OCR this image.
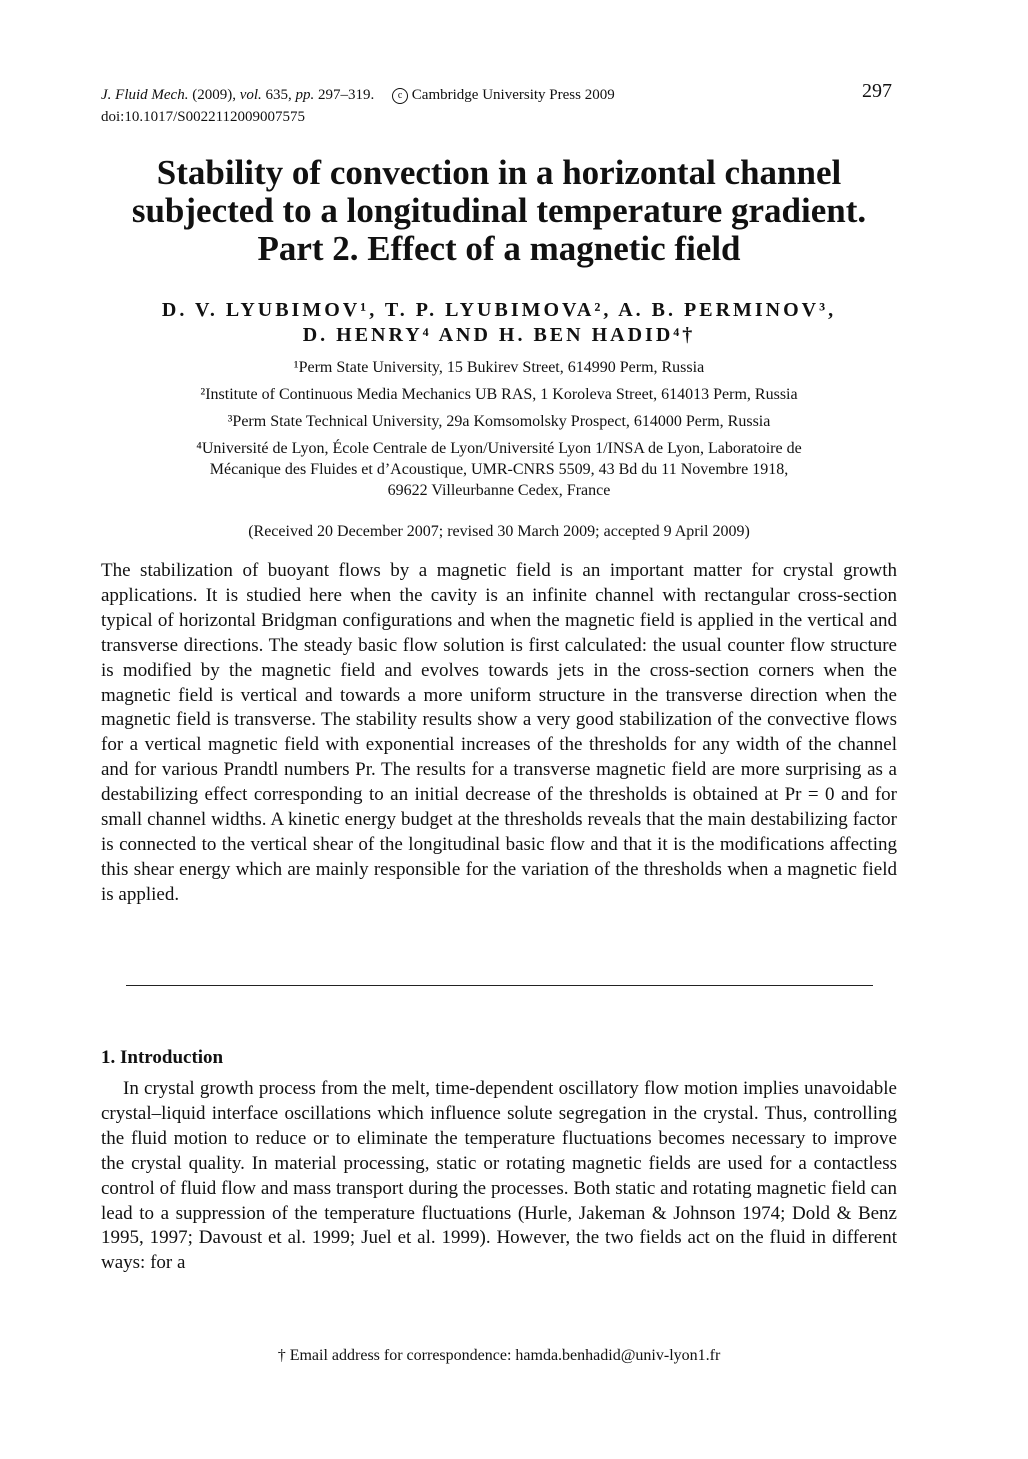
J. Fluid Mech. (2009), vol. 635, pp. 297–319. c Cambridge University Press 2009
doi:10.1017/S0022112009007575
297
Stability of convection in a horizontal channel
subjected to a longitudinal temperature gradient.
Part 2. Effect of a magnetic field
D. V. LYUBIMOV¹, T. P. LYUBIMOVA², A. B. PERMINOV³,
D. HENRY⁴ AND H. BEN HADID⁴†
¹Perm State University, 15 Bukirev Street, 614990 Perm, Russia
²Institute of Continuous Media Mechanics UB RAS, 1 Koroleva Street, 614013 Perm, Russia
³Perm State Technical University, 29a Komsomolsky Prospect, 614000 Perm, Russia
⁴Université de Lyon, École Centrale de Lyon/Université Lyon 1/INSA de Lyon, Laboratoire de
Mécanique des Fluides et d’Acoustique, UMR-CNRS 5509, 43 Bd du 11 Novembre 1918,
69622 Villeurbanne Cedex, France
(Received 20 December 2007; revised 30 March 2009; accepted 9 April 2009)
The stabilization of buoyant flows by a magnetic field is an important matter for crystal growth applications. It is studied here when the cavity is an infinite channel with rectangular cross-section typical of horizontal Bridgman configurations and when the magnetic field is applied in the vertical and transverse directions. The steady basic flow solution is first calculated: the usual counter flow structure is modified by the magnetic field and evolves towards jets in the cross-section corners when the magnetic field is vertical and towards a more uniform structure in the transverse direction when the magnetic field is transverse. The stability results show a very good stabilization of the convective flows for a vertical magnetic field with exponential increases of the thresholds for any width of the channel and for various Prandtl numbers Pr. The results for a transverse magnetic field are more surprising as a destabilizing effect corresponding to an initial decrease of the thresholds is obtained at Pr = 0 and for small channel widths. A kinetic energy budget at the thresholds reveals that the main destabilizing factor is connected to the vertical shear of the longitudinal basic flow and that it is the modifications affecting this shear energy which are mainly responsible for the variation of the thresholds when a magnetic field is applied.
1. Introduction
In crystal growth process from the melt, time-dependent oscillatory flow motion implies unavoidable crystal–liquid interface oscillations which influence solute segregation in the crystal. Thus, controlling the fluid motion to reduce or to eliminate the temperature fluctuations becomes necessary to improve the crystal quality. In material processing, static or rotating magnetic fields are used for a contactless control of fluid flow and mass transport during the processes. Both static and rotating magnetic field can lead to a suppression of the temperature fluctuations (Hurle, Jakeman & Johnson 1974; Dold & Benz 1995, 1997; Davoust et al. 1999; Juel et al. 1999). However, the two fields act on the fluid in different ways: for a
† Email address for correspondence: hamda.benhadid@univ-lyon1.fr
